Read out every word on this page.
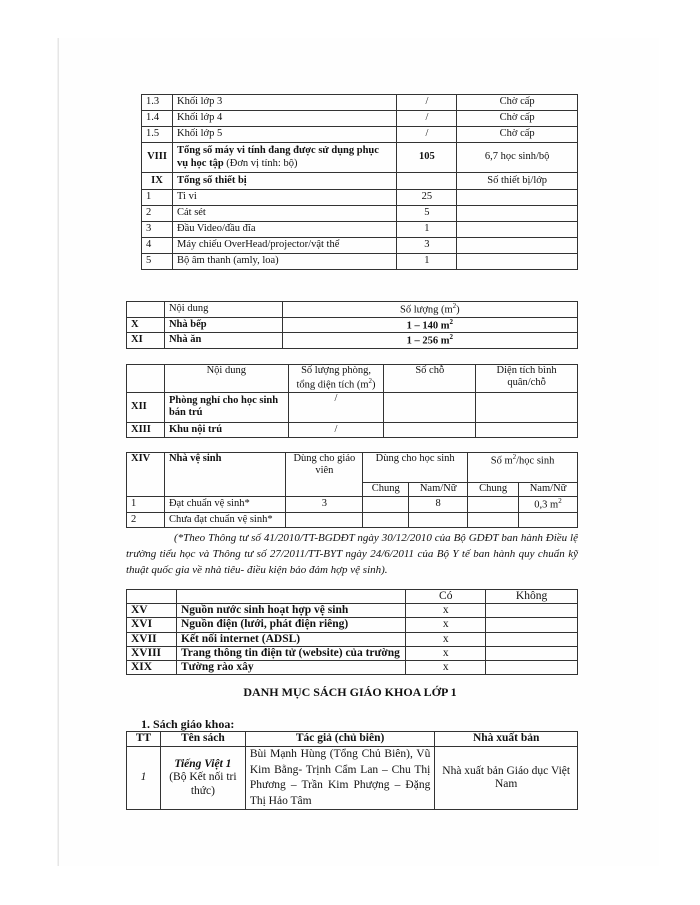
1.3	Khối lớp 3	/	Chờ cấp
1.4	Khối lớp 4	/	Chờ cấp
1.5	Khối lớp 5	/	Chờ cấp
VIII	Tổng số máy vi tính đang được sử dụng phục vụ học tập (Đơn vị tính: bộ)	105	6,7 học sinh/bộ
IX	Tổng số thiết bị		Số thiết bị/lớp
1	Ti vi	25	
2	Cát sét	5	
3	Đầu Video/đầu đĩa	1	
4	Máy chiếu OverHead/projector/vật thể	3	
5	Bộ âm thanh (amly, loa)	1	
	Nội dung	Số lượng $(m^2)$
X	Nhà bếp	1 – 140 $m^2$
XI	Nhà ăn	1 – 256 $m^2$
	Nội dung	Số lượng phòng, tổng diện tích $(m^2)$	Số chỗ	Diện tích bình quân/chỗ
XII	Phòng nghỉ cho học sinh bán trú	/		
XIII	Khu nội trú	/		
XIV	Nhà vệ sinh	Dùng cho giáo viên	Dùng cho học sinh		Số $m^2$/học sinh	
			Chung	Nam/Nữ	Chung	Nam/Nữ
1	Đạt chuẩn vệ sinh*	3		8		0,3 $m^2$
2	Chưa đạt chuẩn vệ sinh*					

(*Theo Thông tư số 41/2010/TT-BGDĐT ngày 30/12/2010 của Bộ GDĐT ban hành Điều lệ trường tiểu học và Thông tư số 27/2011/TT-BYT ngày 24/6/2011 của Bộ Y tế ban hành quy chuẩn kỹ thuật quốc gia về nhà tiêu- điều kiện bảo đảm hợp vệ sinh).

		Có	Không
XV	Nguồn nước sinh hoạt hợp vệ sinh	x	
XVI	Nguồn điện (lưới, phát điện riêng)	x	
XVII	Kết nối internet (ADSL)	x	
XVIII	Trang thông tin điện tử (website) của trường	x	
XIX	Tường rào xây	x	
DANH MỤC SÁCH GIÁO KHOA LỚP 1
1. Sách giáo khoa:
TT	Tên sách	Tác giả (chủ biên)	Nhà xuất bản
1	Tiếng Việt 1
(Bộ Kết nối tri thức)	Bùi Mạnh Hùng (Tổng Chủ Biên), Vũ Kim Bằng- Trịnh Cẩm Lan – Chu Thị Phương – Trần Kim Phượng – Đặng Thị Hảo Tâm	Nhà xuất bản Giáo dục Việt Nam
